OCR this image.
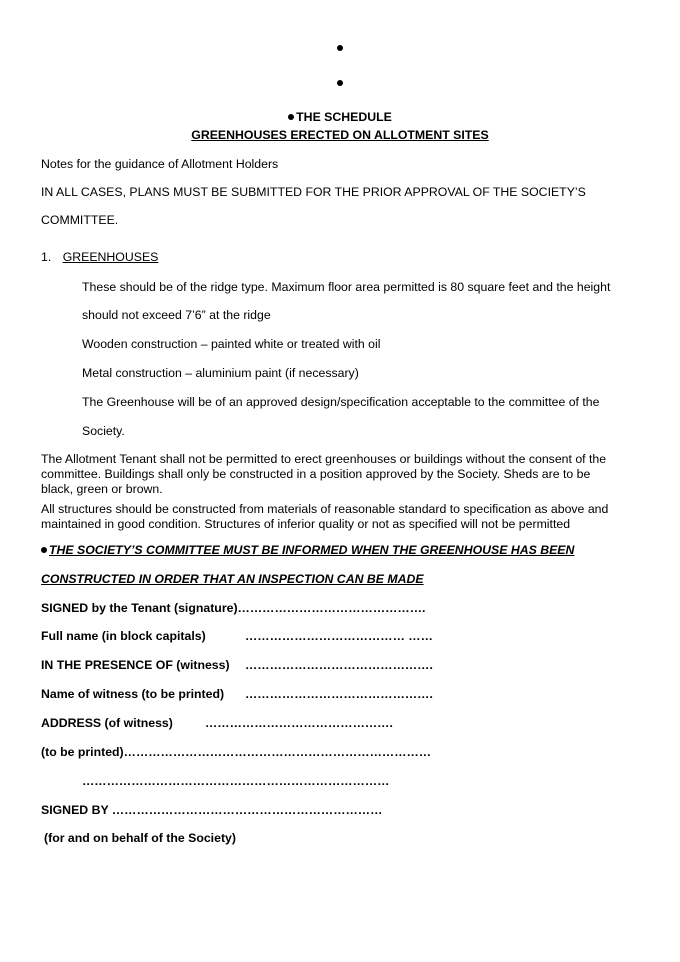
THE SCHEDULE
GREENHOUSES ERECTED ON ALLOTMENT SITES
Notes for the guidance of Allotment Holders
IN ALL CASES, PLANS MUST BE SUBMITTED FOR THE PRIOR APPROVAL OF THE SOCIETY’S
COMMITTEE.
1. GREENHOUSES
These should be of the ridge type. Maximum floor area permitted is 80 square feet and the height
should not exceed 7’6” at the ridge
Wooden construction – painted white or treated with oil
Metal construction – aluminium paint (if necessary)
The Greenhouse will be of an approved design/specification acceptable to the committee of the
Society.
The Allotment Tenant shall not be permitted to erect greenhouses or buildings without the consent of the
committee. Buildings shall only be constructed in a position approved by the Society. Sheds are to be
black, green or brown.
All structures should be constructed from materials of reasonable standard to specification as above and
maintained in good condition. Structures of inferior quality or not as specified will not be permitted
THE SOCIETY’S COMMITTEE MUST BE INFORMED WHEN THE GREENHOUSE HAS BEEN
CONSTRUCTED IN ORDER THAT AN INSPECTION CAN BE MADE
SIGNED by the Tenant (signature)……………………………………….
Full name (in block capitals)	………………………………… ……
IN THE PRESENCE OF (witness) ……………………………………….
Name of witness (to be printed) ……………………………………….
ADDRESS (of witness)	……………………………………….
(to be printed)…………………………………………………………………
…………………………………………………………………
SIGNED BY …………………………………………………………
(for and on behalf of the Society)
